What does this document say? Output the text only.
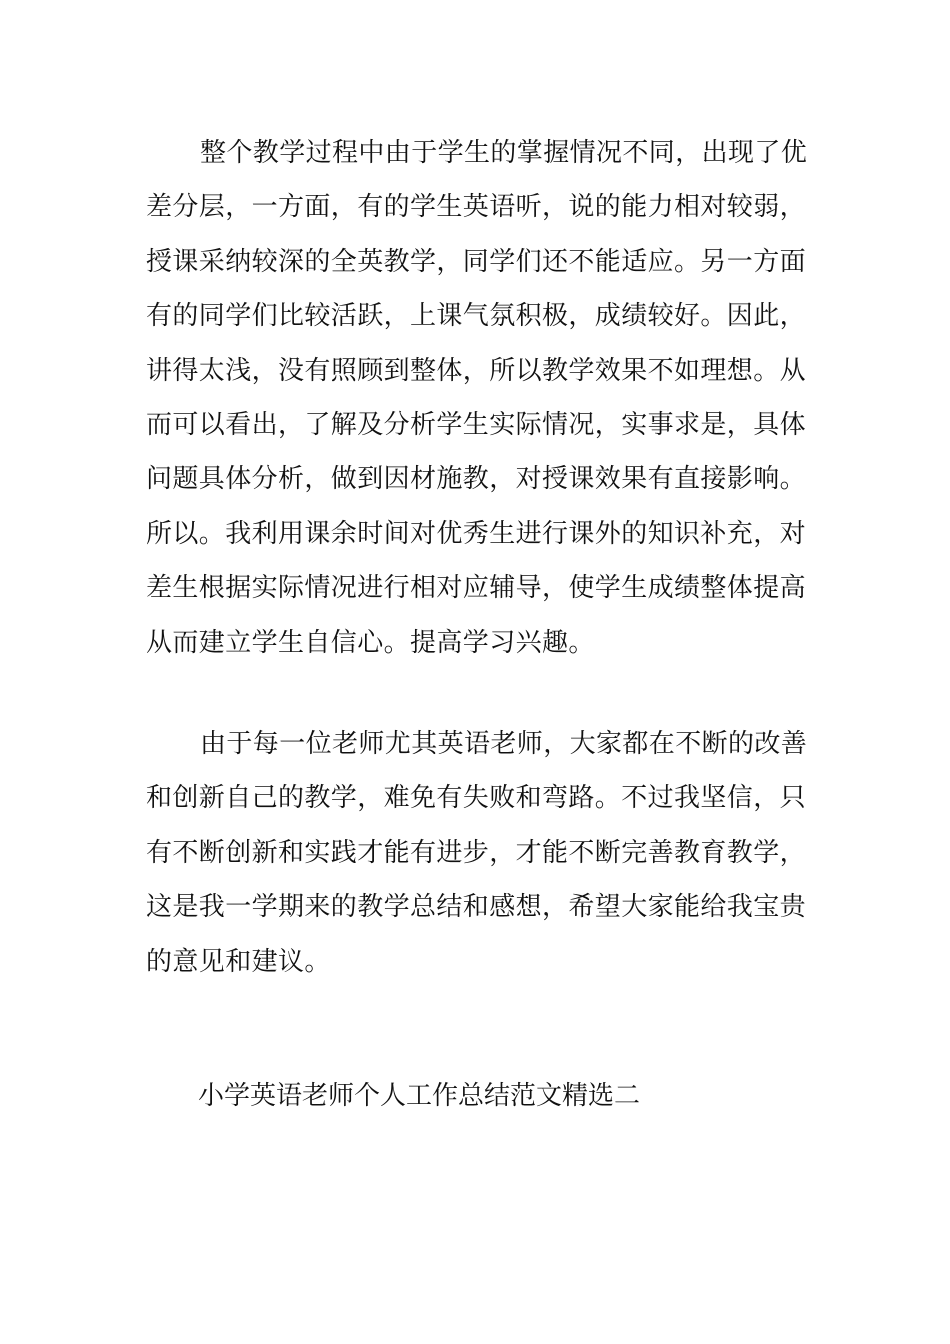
整个教学过程中由于学生的掌握情况不同，出现了优
差分层，一方面，有的学生英语听，说的能力相对较弱，
授课采纳较深的全英教学，同学们还不能适应。另一方面
有的同学们比较活跃，上课气氛积极，成绩较好。因此，
讲得太浅，没有照顾到整体，所以教学效果不如理想。从
而可以看出，了解及分析学生实际情况，实事求是，具体
问题具体分析，做到因材施教，对授课效果有直接影响。
所以。我利用课余时间对优秀生进行课外的知识补充，对
差生根据实际情况进行相对应辅导，使学生成绩整体提高
从而建立学生自信心。提高学习兴趣。
由于每一位老师尤其英语老师，大家都在不断的改善
和创新自己的教学，难免有失败和弯路。不过我坚信，只
有不断创新和实践才能有进步，才能不断完善教育教学，
这是我一学期来的教学总结和感想，希望大家能给我宝贵
的意见和建议。
小学英语老师个人工作总结范文精选二
